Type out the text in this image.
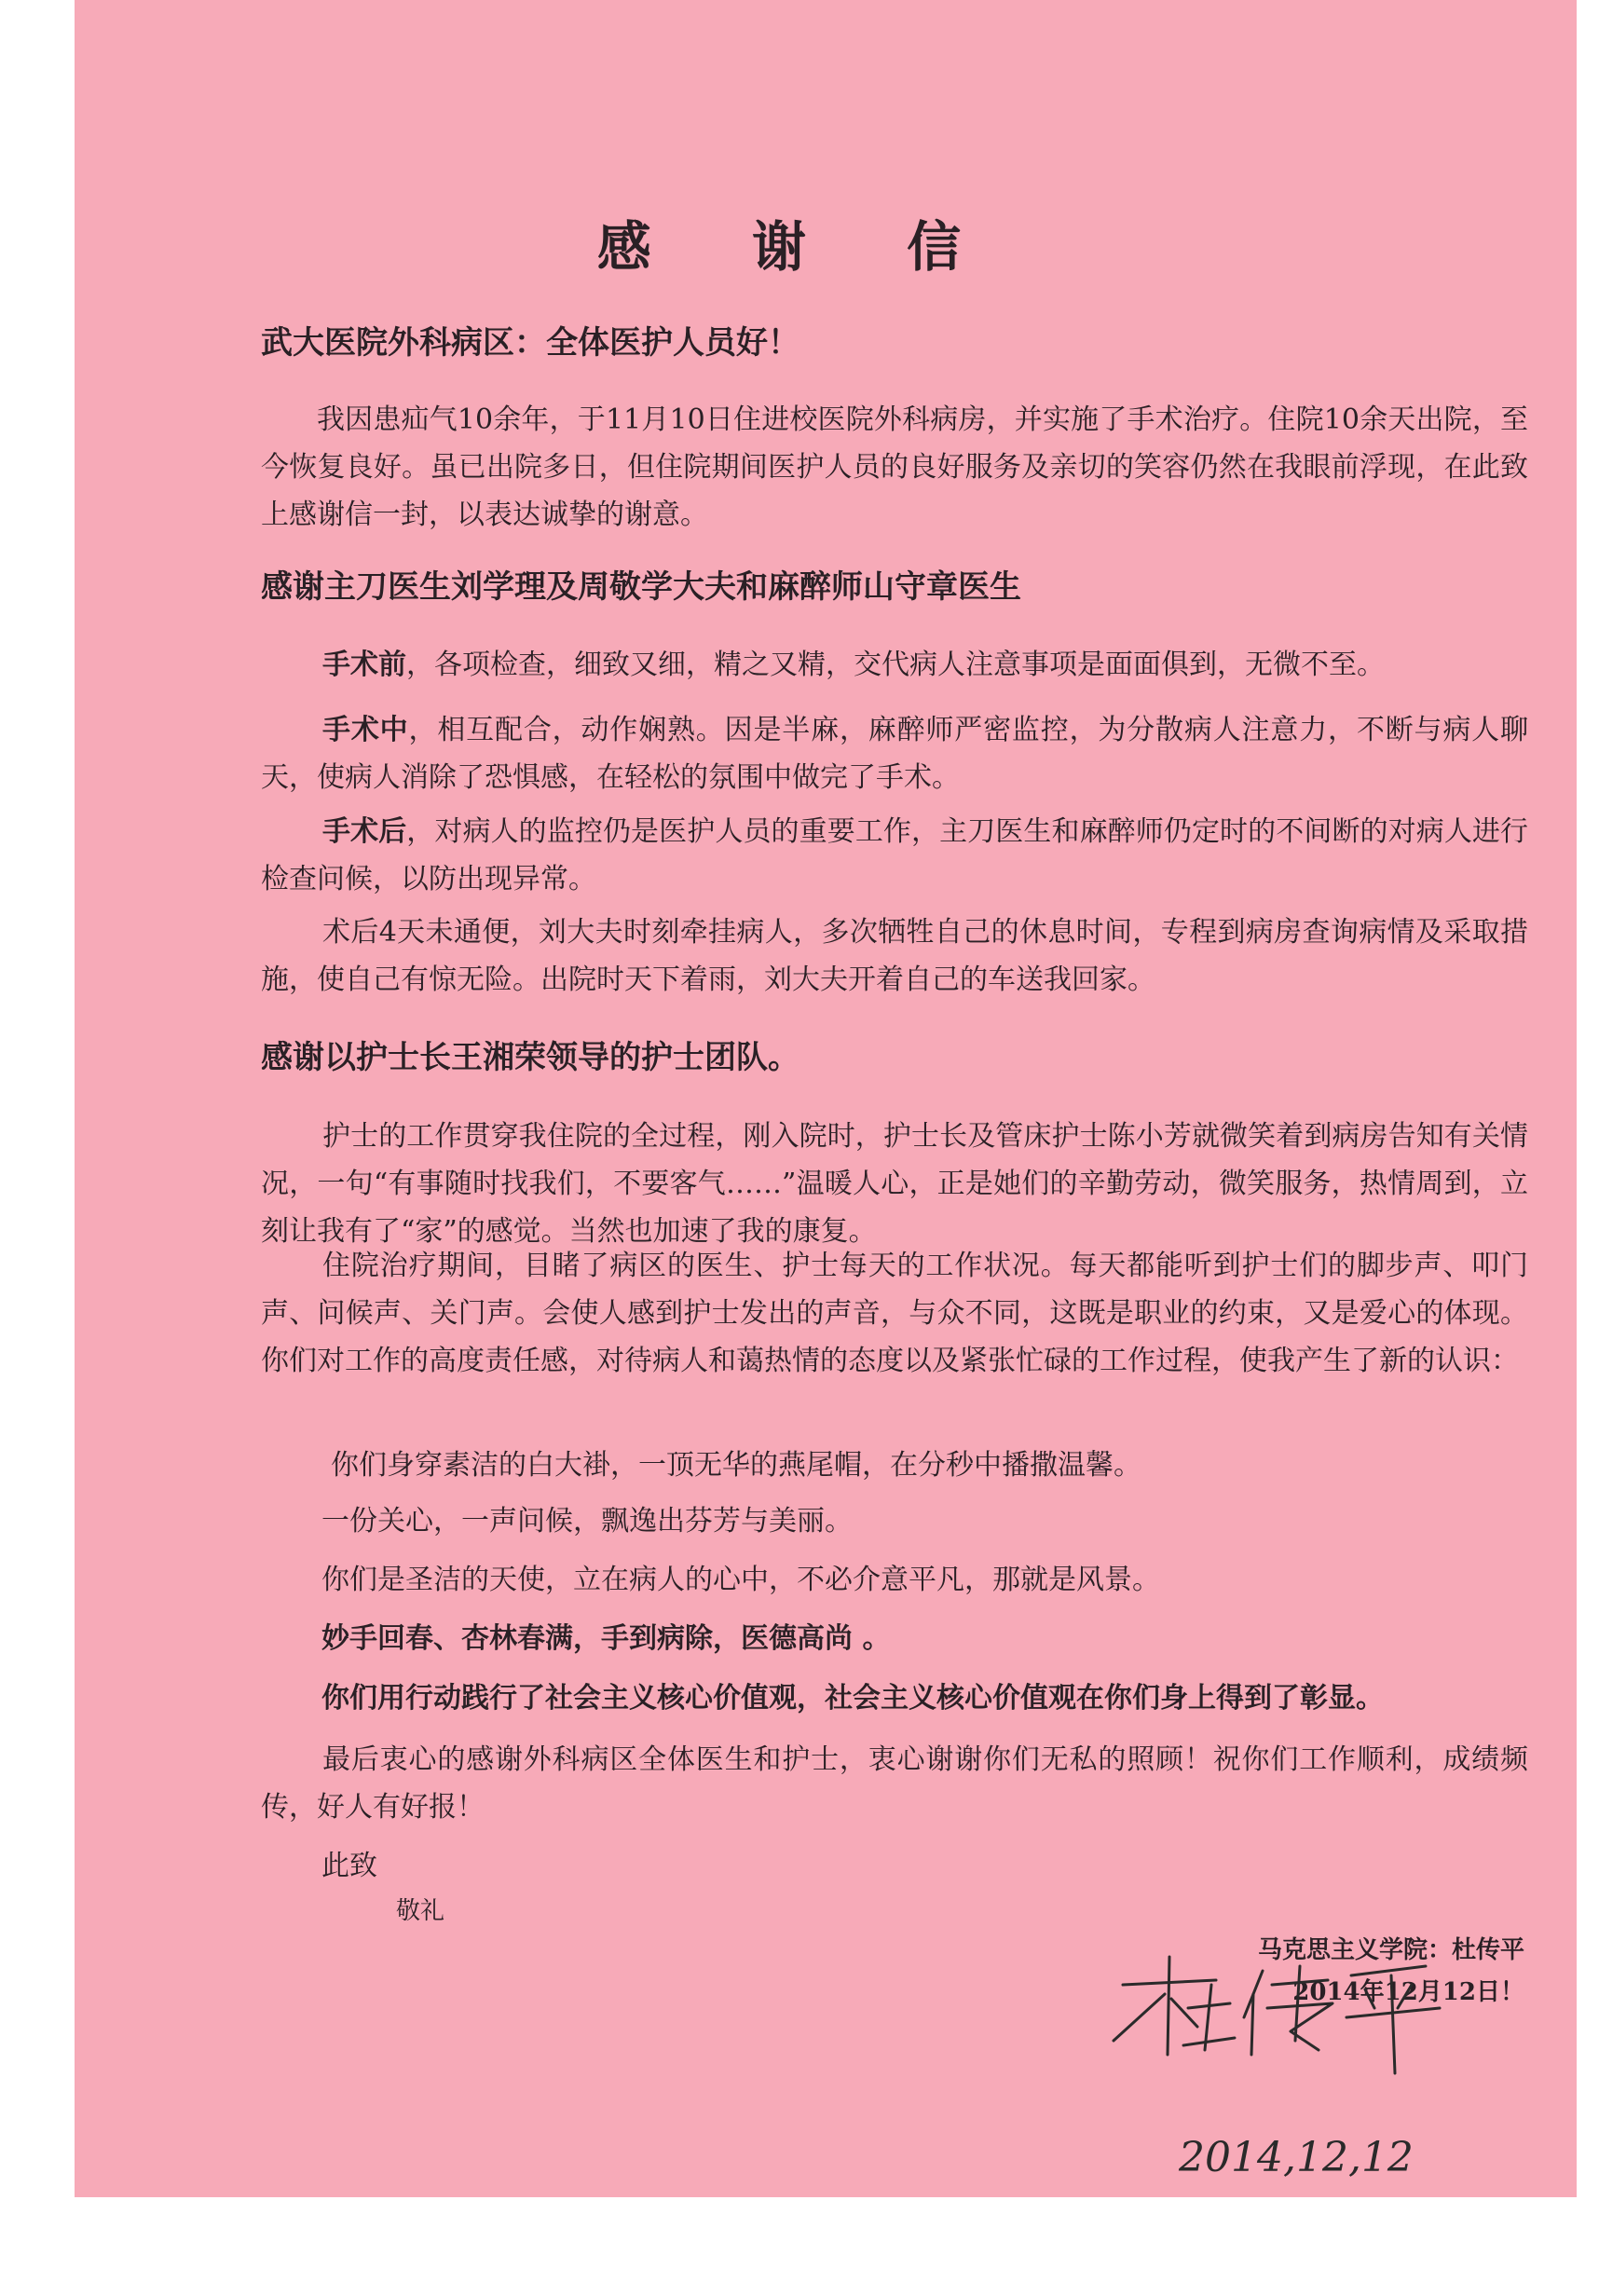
感 谢 信
武大医院外科病区：全体医护人员好！
我因患疝气10余年，于11月10日住进校医院外科病房，并实施了手术治疗。住院10余天出院，至今恢复良好。虽已出院多日，但住院期间医护人员的良好服务及亲切的笑容仍然在我眼前浮现，在此致上感谢信一封，以表达诚挚的谢意。
感谢主刀医生刘学理及周敬学大夫和麻醉师山守章医生
手术前，各项检查，细致又细，精之又精，交代病人注意事项是面面俱到，无微不至。
手术中，相互配合，动作娴熟。因是半麻，麻醉师严密监控，为分散病人注意力，不断与病人聊天，使病人消除了恐惧感，在轻松的氛围中做完了手术。
手术后，对病人的监控仍是医护人员的重要工作，主刀医生和麻醉师仍定时的不间断的对病人进行检查问候，以防出现异常。
术后4天未通便，刘大夫时刻牵挂病人，多次牺牲自己的休息时间，专程到病房查询病情及采取措施，使自己有惊无险。出院时天下着雨，刘大夫开着自己的车送我回家。
感谢以护士长王湘荣领导的护士团队。
护士的工作贯穿我住院的全过程，刚入院时，护士长及管床护士陈小芳就微笑着到病房告知有关情况，一句“有事随时找我们，不要客气……”温暖人心，正是她们的辛勤劳动，微笑服务，热情周到，立刻让我有了“家”的感觉。当然也加速了我的康复。
住院治疗期间，目睹了病区的医生、护士每天的工作状况。每天都能听到护士们的脚步声、叩门声、问候声、关门声。会使人感到护士发出的声音，与众不同，这既是职业的约束，又是爱心的体现。 你们对工作的高度责任感，对待病人和蔼热情的态度以及紧张忙碌的工作过程，使我产生了新的认识：
你们身穿素洁的白大褂，一顶无华的燕尾帽，在分秒中播撒温馨。
一份关心，一声问候，飘逸出芬芳与美丽。
你们是圣洁的天使，立在病人的心中，不必介意平凡，那就是风景。
妙手回春、杏林春满，手到病除，医德高尚 。
你们用行动践行了社会主义核心价值观，社会主义核心价值观在你们身上得到了彰显。
最后衷心的感谢外科病区全体医生和护士，衷心谢谢你们无私的照顾！祝你们工作顺利，成绩频传，好人有好报！
此致
敬礼
马克思主义学院：杜传平
2014年12月12日！
2014,12,12
